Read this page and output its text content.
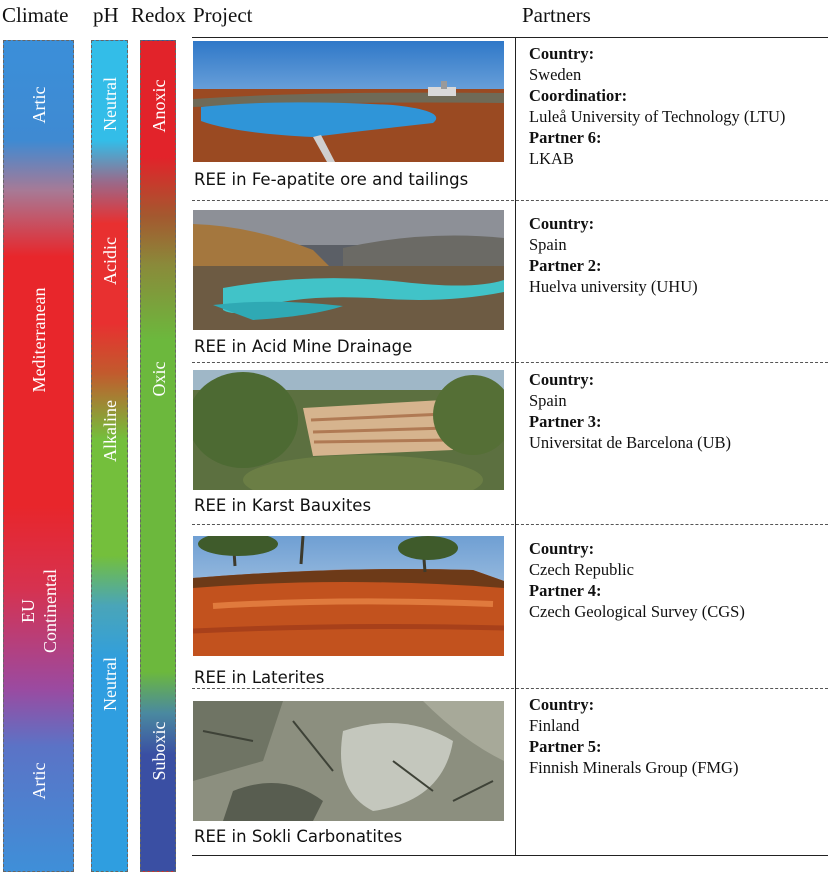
Climate pH Redox Project	Partners
Artic
Mediterranean
EU
Continental
Artic
Neutral
Acidic
Alkaline
Neutral
Anoxic
Oxic
Suboxic
REE in Fe-apatite ore and tailings
REE in Acid Mine Drainage
REE in Karst Bauxites
REE in Laterites
REE in Sokli Carbonatites
Country:
Sweden
Coordinatior:
Luleå University of Technology (LTU)
Partner 6:
LKAB
Country:
Spain
Partner 2:
Huelva university (UHU)
Country:
Spain
Partner 3:
Universitat de Barcelona (UB)
Country:
Czech Republic
Partner 4:
Czech Geological Survey (CGS)
Country:
Finland
Partner 5:
Finnish Minerals Group (FMG)
